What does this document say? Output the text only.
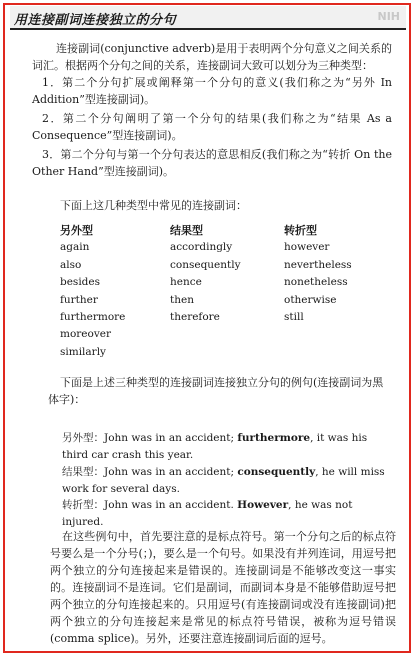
用连接副词连接独立的分句	NIH
连接副词(conjunctive adverb)是用于表明两个分句意义之间关系的词汇。根据两个分句之间的关系，连接副词大致可以划分为三种类型：
1．第二个分句扩展或阐释第一个分句的意义(我们称之为“另外 In Addition”型连接副词)。
2．第二个分句阐明了第一个分句的结果(我们称之为“结果 As a Consequence”型连接副词)。
3．第二个分句与第一个分句表达的意思相反(我们称之为“转折 On the Other Hand”型连接副词)。
下面上这几种类型中常见的连接副词：
另外型
again
also
besides
further
furthermore
moreover
similarly
结果型
accordingly
consequently
hence
then
therefore
转折型
however
nevertheless
nonetheless
otherwise
still
下面是上述三种类型的连接副词连接独立分句的例句(连接副词为黑体字)：
另外型：John was in an accident; furthermore, it was his third car crash this year.
结果型：John was in an accident; consequently, he will miss work for several days.
转折型：John was in an accident. However, he was not injured.
在这些例句中，首先要注意的是标点符号。第一个分句之后的标点符号要么是一个分号(；)，要么是一个句号。如果没有并列连词，用逗号把两个独立的分句连接起来是错误的。连接副词是不能够改变这一事实的。连接副词不是连词。它们是副词，而副词本身是不能够借助逗号把两个独立的分句连接起来的。只用逗号(有连接副词或没有连接副词)把两个独立的分句连接起来是常见的标点符号错误，被称为逗号错误(comma splice)。另外，还要注意连接副词后面的逗号。
